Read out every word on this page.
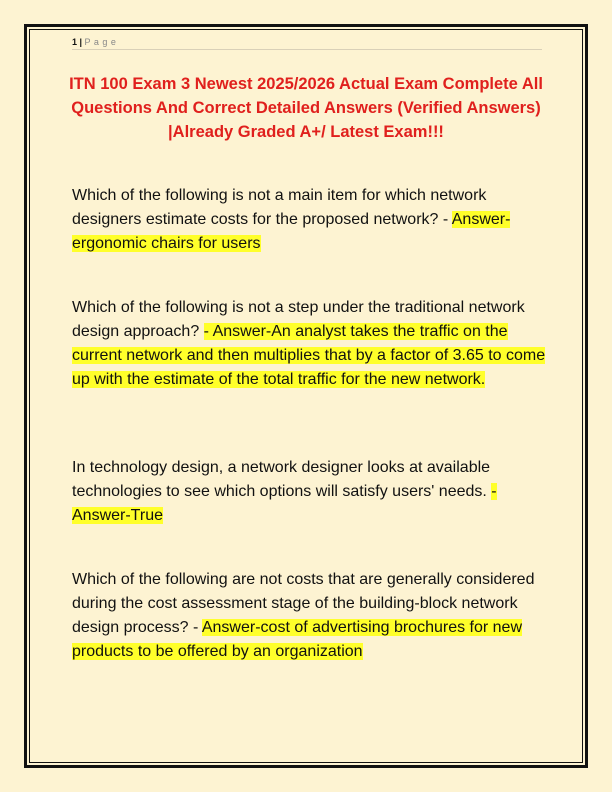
1 | P a g e
ITN 100 Exam 3 Newest 2025/2026 Actual Exam Complete All Questions And Correct Detailed Answers (Verified Answers) |Already Graded A+/ Latest Exam!!!
Which of the following is not a main item for which network designers estimate costs for the proposed network? - Answer-ergonomic chairs for users
Which of the following is not a step under the traditional network design approach? - Answer-An analyst takes the traffic on the current network and then multiplies that by a factor of 3.65 to come up with the estimate of the total traffic for the new network.
In technology design, a network designer looks at available technologies to see which options will satisfy users' needs. - Answer-True
Which of the following are not costs that are generally considered during the cost assessment stage of the building-block network design process? - Answer-cost of advertising brochures for new products to be offered by an organization
